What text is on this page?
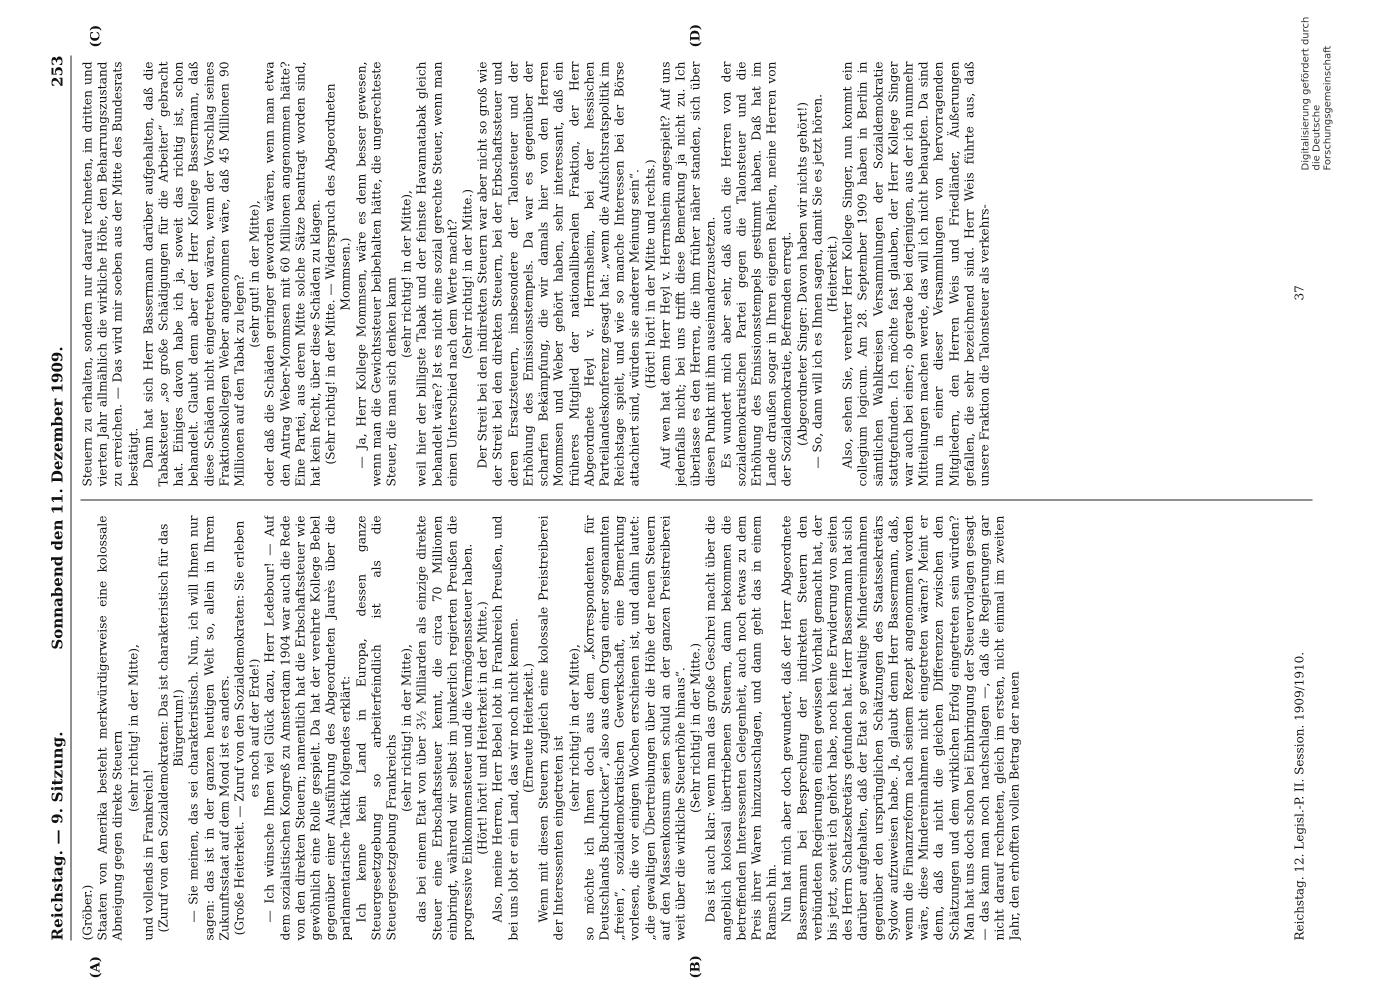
Reichstag. — 9. Sitzung.
Sonnabend den 11. Dezember 1909.
253
(A)	(B)
(C)	(D)

(Gröber.) Staaten von Amerika besteht merkwürdigerweise eine kolossale Abneigung gegen direkte Steuern

(sehr richtig! in der Mitte),

und vollends in Frankreich! (Zuruf von den Sozialdemokraten: Das ist charakteristisch für das Bürgertum!) — Sie meinen, das sei charakteristisch. Nun, ich will Ihnen nur sagen: das ist in der ganzen heutigen Welt so, allein in Ihrem Zukunftsstaat auf dem Mond ist es anders. (Große Heiterkeit. — Zuruf von den Sozialdemokraten: Sie erleben es noch auf der Erde!) — Ich wünsche Ihnen viel Glück dazu, Herr Ledebour! — Auf dem sozialistischen Kongreß zu Amsterdam 1904 war auch die Rede von den direkten Steuern; namentlich hat die Erbschaftssteuer wie gewöhnlich eine Rolle gespielt. Da hat der verehrte Kollege Bebel gegenüber einer Ausführung des Abgeordneten Jaurès über die parlamentarische Taktik folgendes erklärt: Ich kenne kein Land in Europa, dessen ganze Steuergesetzgebung so arbeiterfeindlich ist als die Steuergesetzgebung Frankreichs

(sehr richtig! in der Mitte), das bei einem Etat von über 3½ Milliarden als einzige direkte Steuer eine Erbschaftssteuer kennt, die circa 70 Millionen einbringt, während wir selbst im junkerlich regierten Preußen die progressive Einkommensteuer und die Vermögenssteuer haben. (Hört! hört! und Heiterkeit in der Mitte.) Also, meine Herren, Herr Bebel lobt in Frankreich Preußen, und bei uns lobt er ein Land, das wir noch nicht kennen. (Erneute Heiterkeit.) Wenn mit diesen Steuern zugleich eine kolossale Preistreiberei der Interessenten eingetreten ist

(sehr richtig! in der Mitte), so möchte ich Ihnen doch aus dem „Korrespondenten für Deutschlands Buchdrucker“, also aus dem Organ einer sogenannten „freien“, sozialdemokratischen Gewerkschaft, eine Bemerkung vorlesen, die vor einigen Wochen erschienen ist, und dahin lautet: „die gewaltigen Übertreibungen über die Höhe der neuen Steuern auf den Massenkonsum seien schuld an der ganzen Preistreiberei weit über die wirkliche Steuerhöhe hinaus“. (Sehr richtig! in der Mitte.) Das ist auch klar: wenn man das große Geschrei macht über die angeblich kolossal übertriebenen Steuern, dann bekommen die betreffenden Interessenten Gelegenheit, auch noch etwas zu dem Preis ihrer Waren hinzuzuschlagen, und dann geht das in einem Ramsch hin. Nun hat mich aber doch gewundert, daß der Herr Abgeordnete Bassermann bei Besprechung der indirekten Steuern den verbündeten Regierungen einen gewissen Vorhalt gemacht hat, der bis jetzt, soweit ich gehört habe, noch keine Erwiderung von seiten des Herrn Schatzsekretärs gefunden hat. Herr Bassermann hat sich darüber aufgehalten, daß der Etat so gewaltige Mindereinnahmen gegenüber den ursprünglichen Schätzungen des Staatssekretärs Sydow aufzuweisen habe. Ja, glaubt denn Herr Bassermann, daß, wenn die Finanzreform nach seinem Rezept angenommen worden wäre, diese Mindereinnahmen nicht eingetreten wären? Meint er denn, daß da nicht die gleichen Differenzen zwischen den Schätzungen und dem wirklichen Erfolg eingetreten sein würden? Man hat uns doch schon bei Einbringung der Steuervorlagen gesagt — das kann man noch nachschlagen —, daß die Regierungen gar nicht darauf rechneten, gleich im ersten, nicht einmal im zweiten Jahr, den erhofften vollen Betrag der neuen

Steuern zu erhalten, sondern nur darauf rechneten, im dritten und vierten Jahr allmählich die wirkliche Höhe, den Beharrungszustand zu erreichen. — Das wird mir soeben aus der Mitte des Bundesrats bestätigt. Dann hat sich Herr Bassermann darüber aufgehalten, daß die Tabaksteuer „so große Schädigungen für die Arbeiter“ gebracht hat. Einiges davon habe ich ja, soweit das richtig ist, schon behandelt. Glaubt denn aber der Herr Kollege Bassermann, daß diese Schäden nicht eingetreten wären, wenn der Vorschlag seines Fraktionskollegen Weber angenommen wäre, daß 45 Millionen 90 Millionen auf den Tabak zu legen?

(sehr gut! in der Mitte), oder daß die Schäden geringer geworden wären, wenn man etwa den Antrag Weber-Mommsen mit 60 Millionen angenommen hätte? Eine Partei, aus deren Mitte solche Sätze beantragt worden sind, hat kein Recht, über diese Schäden zu klagen. (Sehr richtig! in der Mitte. — Widerspruch des Abgeordneten Mommsen.) — Ja, Herr Kollege Mommsen, wäre es denn besser gewesen, wenn man die Gewichtssteuer beibehalten hätte, die ungerechteste Steuer, die man sich denken kann

(sehr richtig! in der Mitte), weil hier der billigste Tabak und der feinste Havannatabak gleich behandelt wäre? Ist es nicht eine sozial gerechte Steuer, wenn man einen Unterschied nach dem Werte macht? (Sehr richtig! in der Mitte.) Der Streit bei den indirekten Steuern war aber nicht so groß wie der Streit bei den direkten Steuern, bei der Erbschaftssteuer und deren Ersatzsteuern, insbesondere der Talonsteuer und der Erhöhung des Emissionsstempels. Da war es gegenüber der scharfen Bekämpfung, die wir damals hier von den Herren Mommsen und Weber gehört haben, sehr interessant, daß ein früheres Mitglied der nationalliberalen Fraktion, der Herr Abgeordnete Heyl v. Herrnsheim, bei der hessischen Parteilandeskonferenz gesagt hat: „wenn die Aufsichtsratspolitik im Reichstage spielt, und wie so manche Interessen bei der Börse attachiert sind, würden sie anderer Meinung sein“. (Hört! hört! in der Mitte und rechts.) Auf wen hat denn Herr Heyl v. Herrnsheim angespielt? Auf uns jedenfalls nicht; bei uns trifft diese Bemerkung ja nicht zu. Ich überlasse es den Herren, die ihm früher näher standen, sich über diesen Punkt mit ihm auseinanderzusetzen. Es wundert mich aber sehr, daß auch die Herren von der sozialdemokratischen Partei gegen die Talonsteuer und die Erhöhung des Emissionsstempels gestimmt haben. Daß hat im Lande draußen sogar in Ihren eigenen Reihen, meine Herren von der Sozialdemokratie, Befremden erregt. (Abgeordneter Singer: Davon haben wir nichts gehört!) — So, dann will ich es Ihnen sagen, damit Sie es jetzt hören. (Heiterkeit.) Also, sehen Sie, verehrter Herr Kollege Singer, nun kommt ein collegium logicum. Am 28. September 1909 haben in Berlin in sämtlichen Wahlkreisen Versammlungen der Sozialdemokratie stattgefunden. Ich möchte fast glauben, der Herr Kollege Singer war auch bei einer; ob gerade bei derjenigen, aus der ich nunmehr Mitteilungen machen werde, das will ich nicht behaupten. Da sind nun in einer dieser Versammlungen von hervorragenden Mitgliedern, den Herren Weis und Friedländer, Äußerungen gefallen, die sehr bezeichnend sind. Herr Weis führte aus, daß unsere Fraktion die Talonsteuer als verkehrs-

Reichstag. 12. Legisl.-P. II. Session. 1909/1910.
37
Digitalisierung gefördert durch die Deutsche Forschungsgemeinschaft
